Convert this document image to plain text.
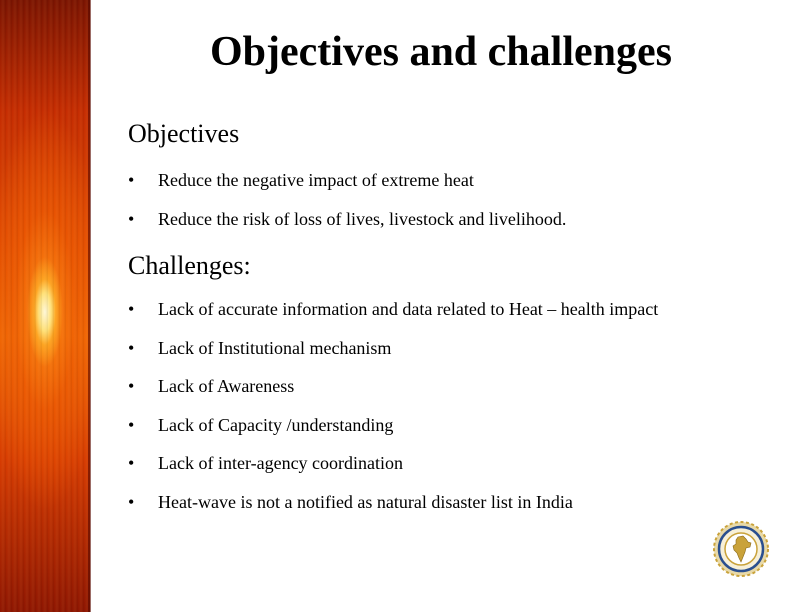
Objectives and challenges
Objectives
•	Reduce the negative impact of extreme heat
•	Reduce the risk of loss of lives, livestock and livelihood.
Challenges:
•	Lack of accurate information and data related to Heat – health impact
•	Lack of Institutional mechanism
•	Lack of Awareness
•	Lack of Capacity /understanding
•	Lack of inter-agency coordination
•	Heat-wave is not a notified as natural disaster list in India
